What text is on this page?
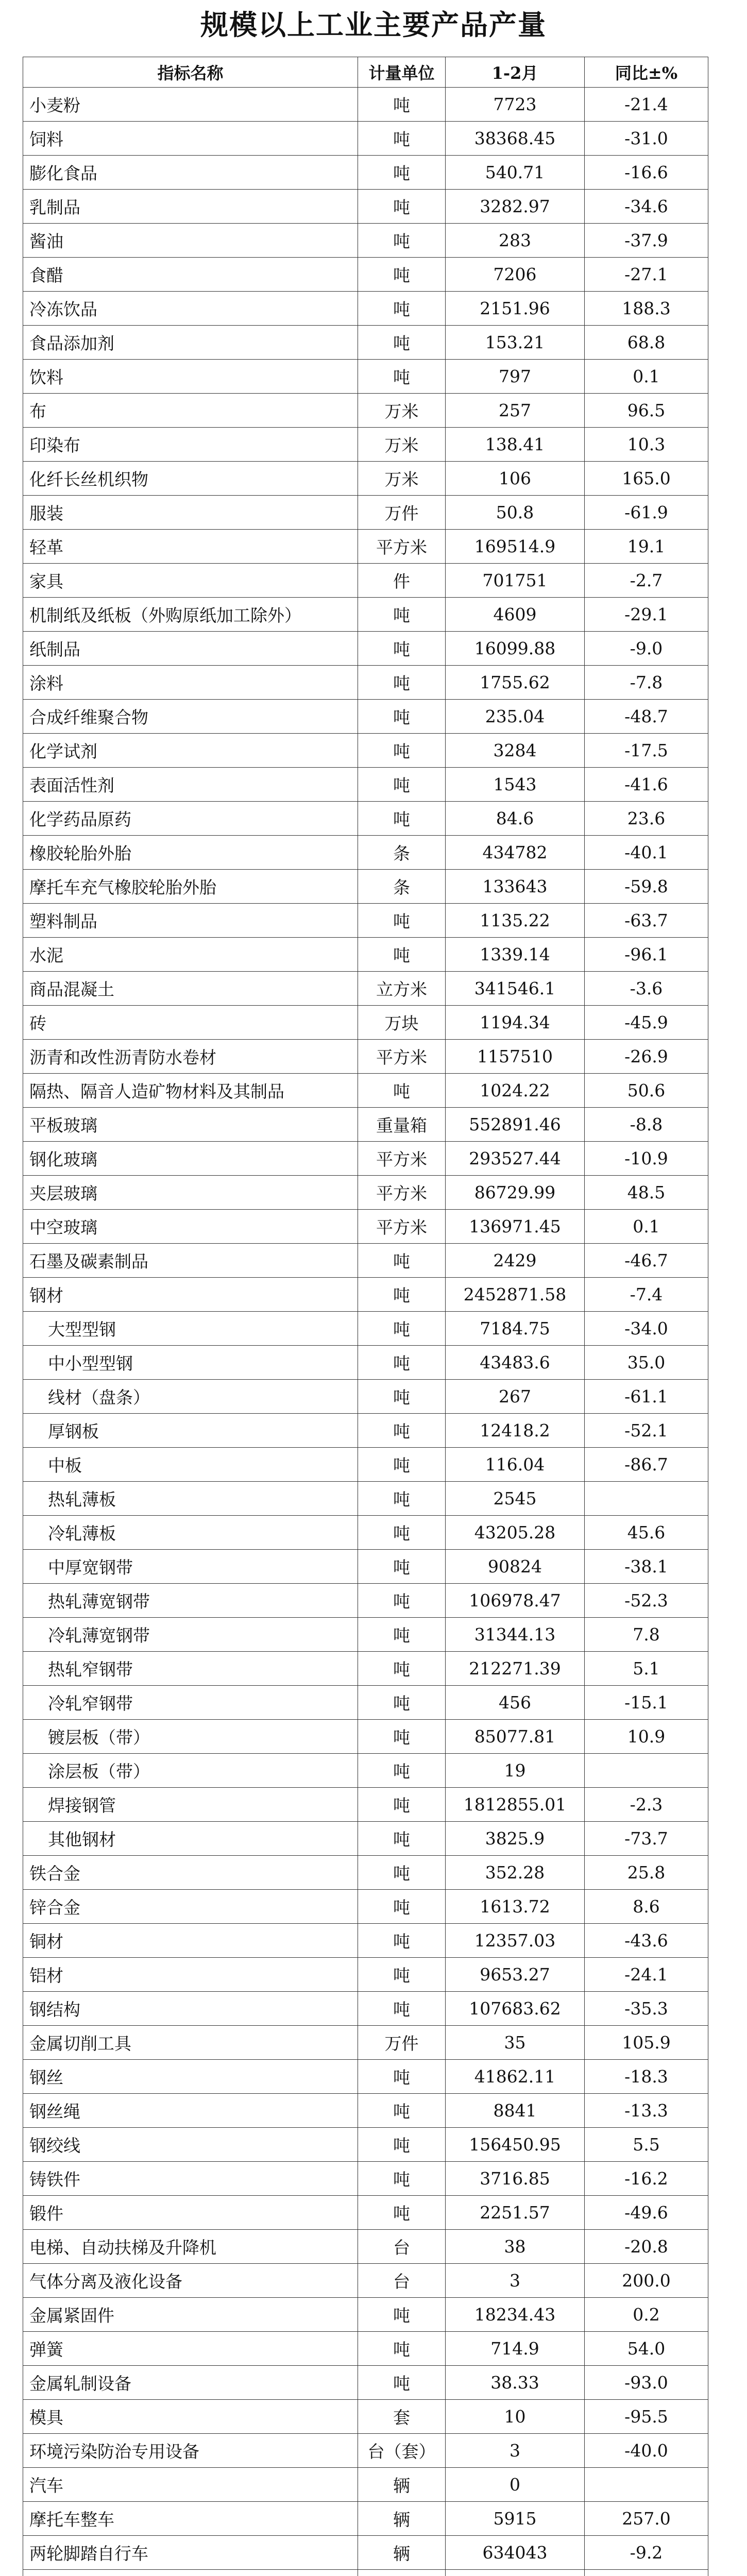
规模以上工业主要产品产量
指标名称	计量单位	1-2月	同比±%
小麦粉	吨	7723	-21.4
饲料	吨	38368.45	-31.0
膨化食品	吨	540.71	-16.6
乳制品	吨	3282.97	-34.6
酱油	吨	283	-37.9
食醋	吨	7206	-27.1
冷冻饮品	吨	2151.96	188.3
食品添加剂	吨	153.21	68.8
饮料	吨	797	0.1
布	万米	257	96.5
印染布	万米	138.41	10.3
化纤长丝机织物	万米	106	165.0
服装	万件	50.8	-61.9
轻革	平方米	169514.9	19.1
家具	件	701751	-2.7
机制纸及纸板（外购原纸加工除外）	吨	4609	-29.1
纸制品	吨	16099.88	-9.0
涂料	吨	1755.62	-7.8
合成纤维聚合物	吨	235.04	-48.7
化学试剂	吨	3284	-17.5
表面活性剂	吨	1543	-41.6
化学药品原药	吨	84.6	23.6
橡胶轮胎外胎	条	434782	-40.1
摩托车充气橡胶轮胎外胎	条	133643	-59.8
塑料制品	吨	1135.22	-63.7
水泥	吨	1339.14	-96.1
商品混凝土	立方米	341546.1	-3.6
砖	万块	1194.34	-45.9
沥青和改性沥青防水卷材	平方米	1157510	-26.9
隔热、隔音人造矿物材料及其制品	吨	1024.22	50.6
平板玻璃	重量箱	552891.46	-8.8
钢化玻璃	平方米	293527.44	-10.9
夹层玻璃	平方米	86729.99	48.5
中空玻璃	平方米	136971.45	0.1
石墨及碳素制品	吨	2429	-46.7
钢材	吨	2452871.58	-7.4
大型型钢	吨	7184.75	-34.0
中小型型钢	吨	43483.6	35.0
线材（盘条）	吨	267	-61.1
厚钢板	吨	12418.2	-52.1
中板	吨	116.04	-86.7
热轧薄板	吨	2545	
冷轧薄板	吨	43205.28	45.6
中厚宽钢带	吨	90824	-38.1
热轧薄宽钢带	吨	106978.47	-52.3
冷轧薄宽钢带	吨	31344.13	7.8
热轧窄钢带	吨	212271.39	5.1
冷轧窄钢带	吨	456	-15.1
镀层板（带）	吨	85077.81	10.9
涂层板（带）	吨	19	
焊接钢管	吨	1812855.01	-2.3
其他钢材	吨	3825.9	-73.7
铁合金	吨	352.28	25.8
锌合金	吨	1613.72	8.6
铜材	吨	12357.03	-43.6
铝材	吨	9653.27	-24.1
钢结构	吨	107683.62	-35.3
金属切削工具	万件	35	105.9
钢丝	吨	41862.11	-18.3
钢丝绳	吨	8841	-13.3
钢绞线	吨	156450.95	5.5
铸铁件	吨	3716.85	-16.2
锻件	吨	2251.57	-49.6
电梯、自动扶梯及升降机	台	38	-20.8
气体分离及液化设备	台	3	200.0
金属紧固件	吨	18234.43	0.2
弹簧	吨	714.9	54.0
金属轧制设备	吨	38.33	-93.0
模具	套	10	-95.5
环境污染防治专用设备	台（套）	3	-40.0
汽车	辆	0	
摩托车整车	辆	5915	257.0
两轮脚踏自行车	辆	634043	-9.2
